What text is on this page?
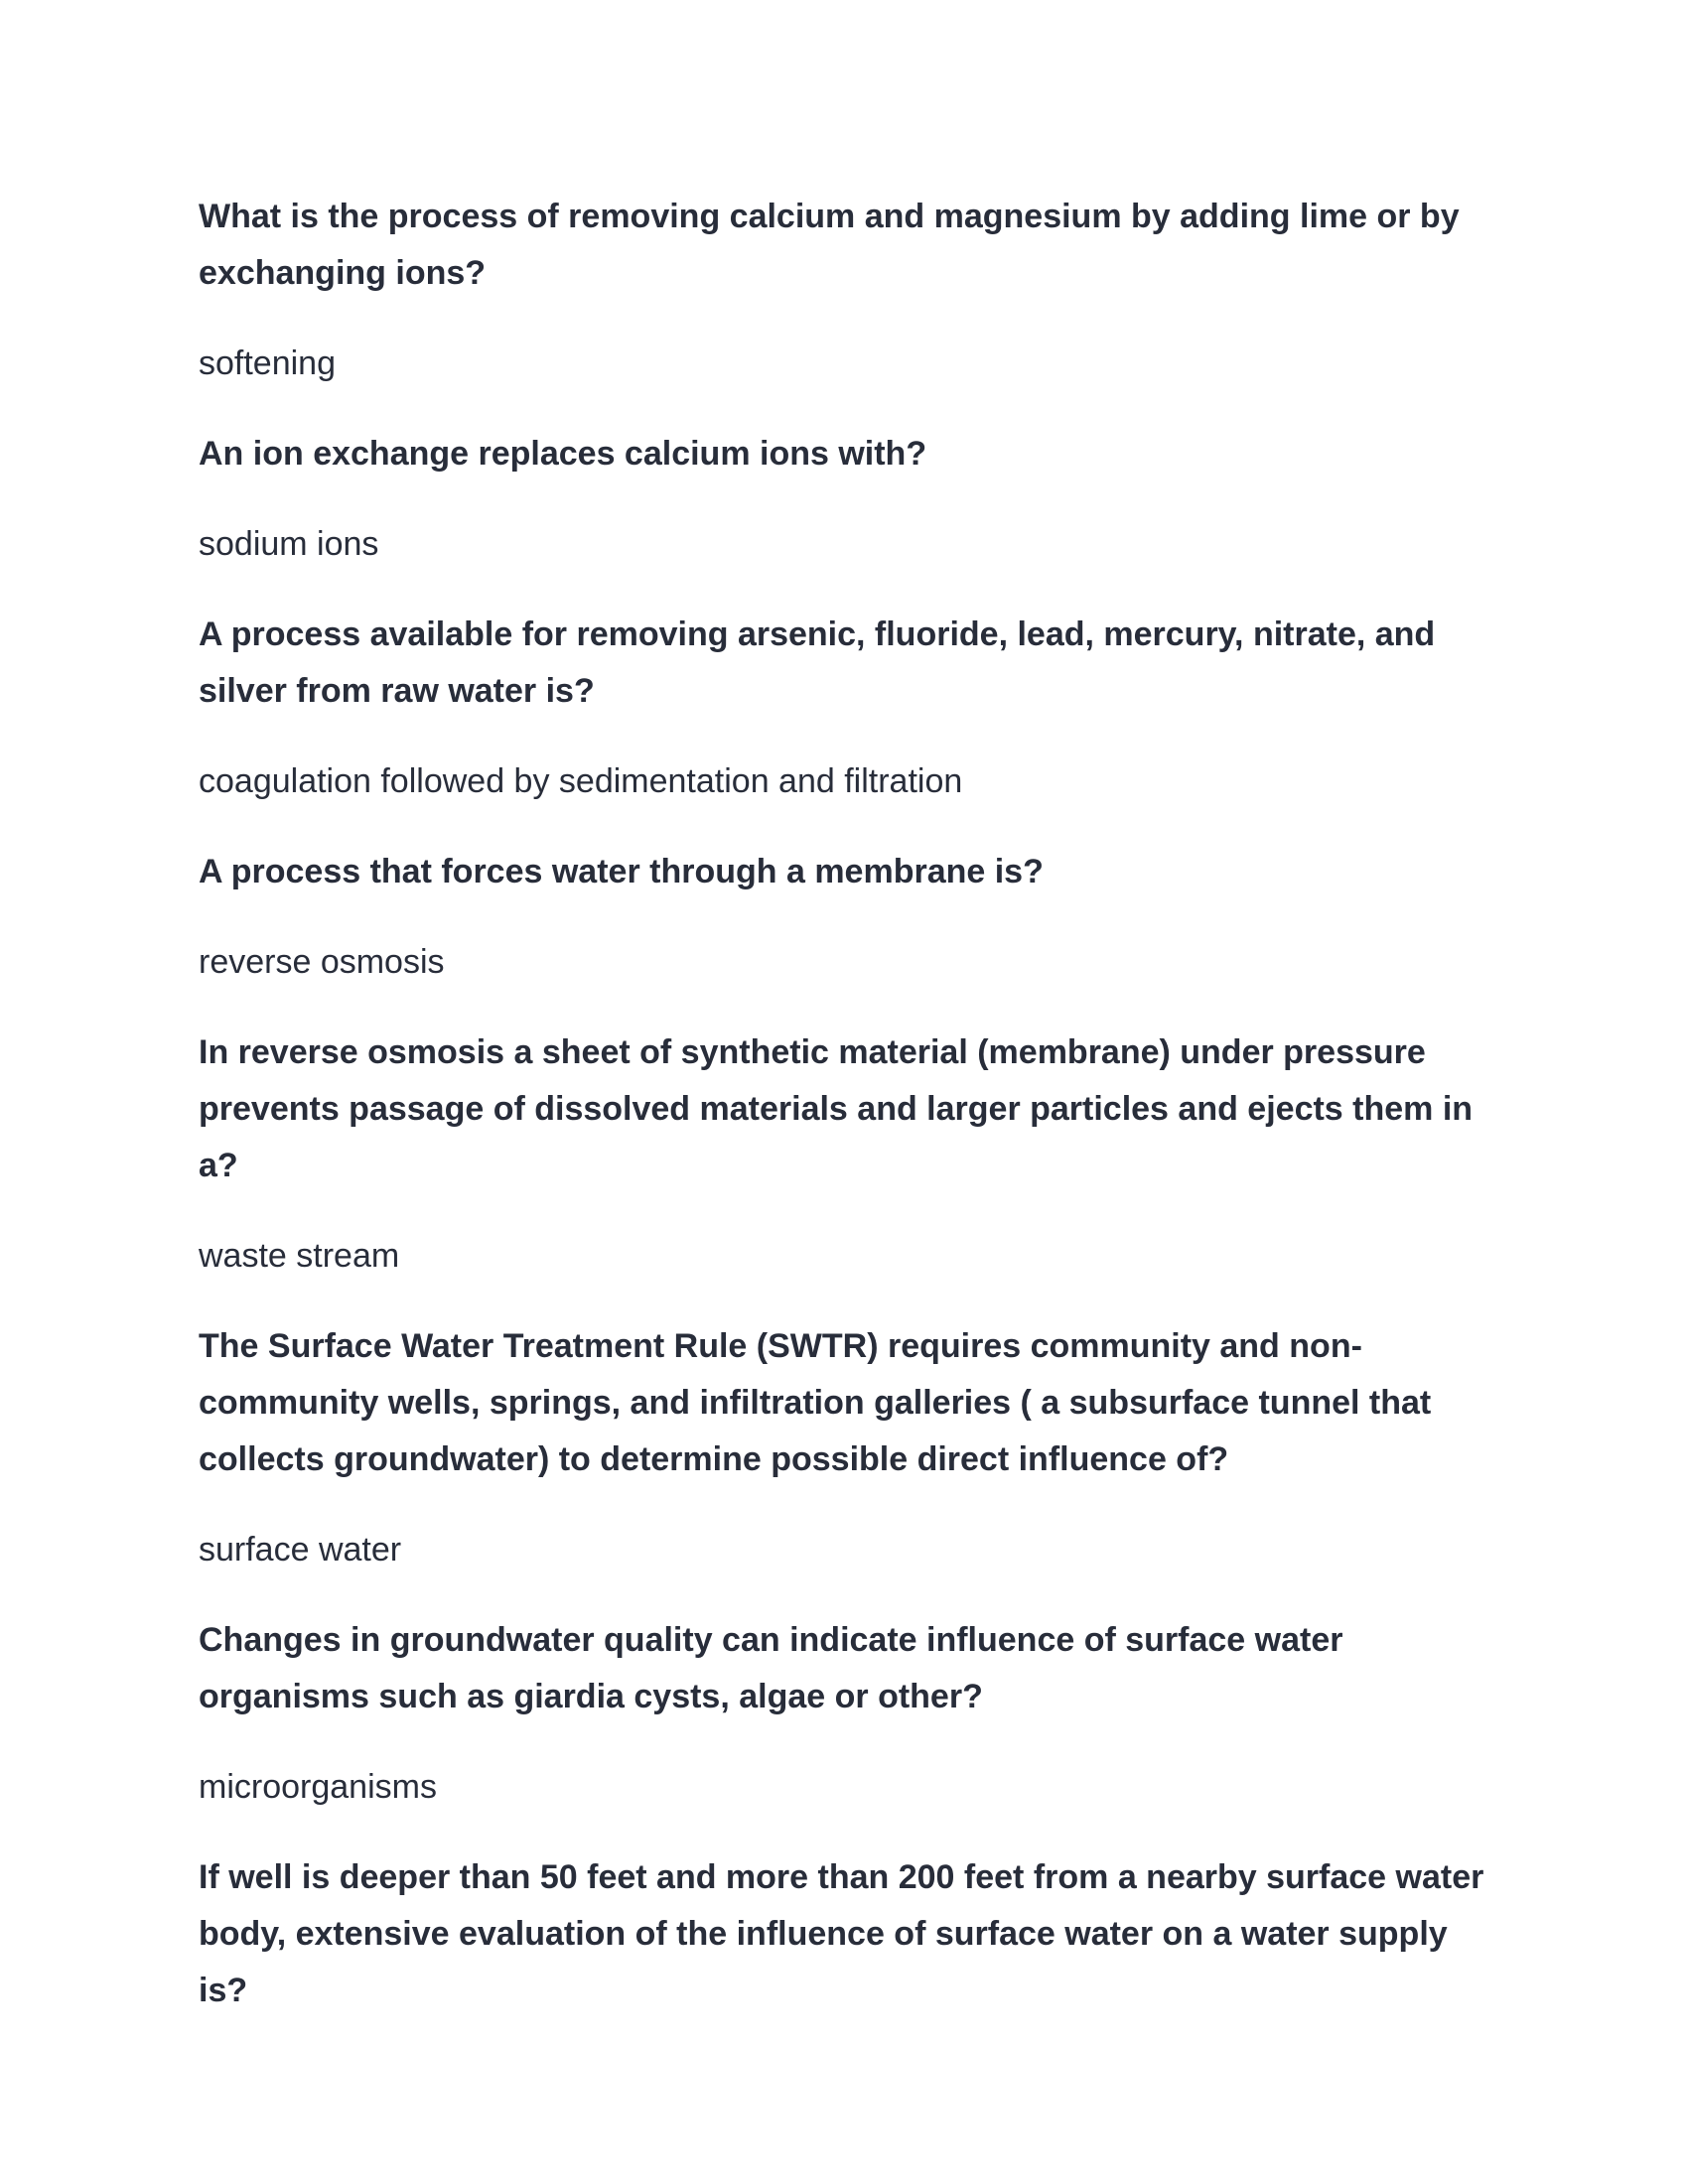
What is the process of removing calcium and magnesium by adding lime or by exchanging ions?

softening

An ion exchange replaces calcium ions with?

sodium ions

A process available for removing arsenic, fluoride, lead, mercury, nitrate, and silver from raw water is?

coagulation followed by sedimentation and filtration

A process that forces water through a membrane is?

reverse osmosis

In reverse osmosis a sheet of synthetic material (membrane) under pressure prevents passage of dissolved materials and larger particles and ejects them in a?

waste stream

The Surface Water Treatment Rule (SWTR) requires community and non-community wells, springs, and infiltration galleries ( a subsurface tunnel that collects groundwater) to determine possible direct influence of?

surface water

Changes in groundwater quality can indicate influence of surface water organisms such as giardia cysts, algae or other?

microorganisms

If well is deeper than 50 feet and more than 200 feet from a nearby surface water body, extensive evaluation of the influence of surface water on a water supply is?
